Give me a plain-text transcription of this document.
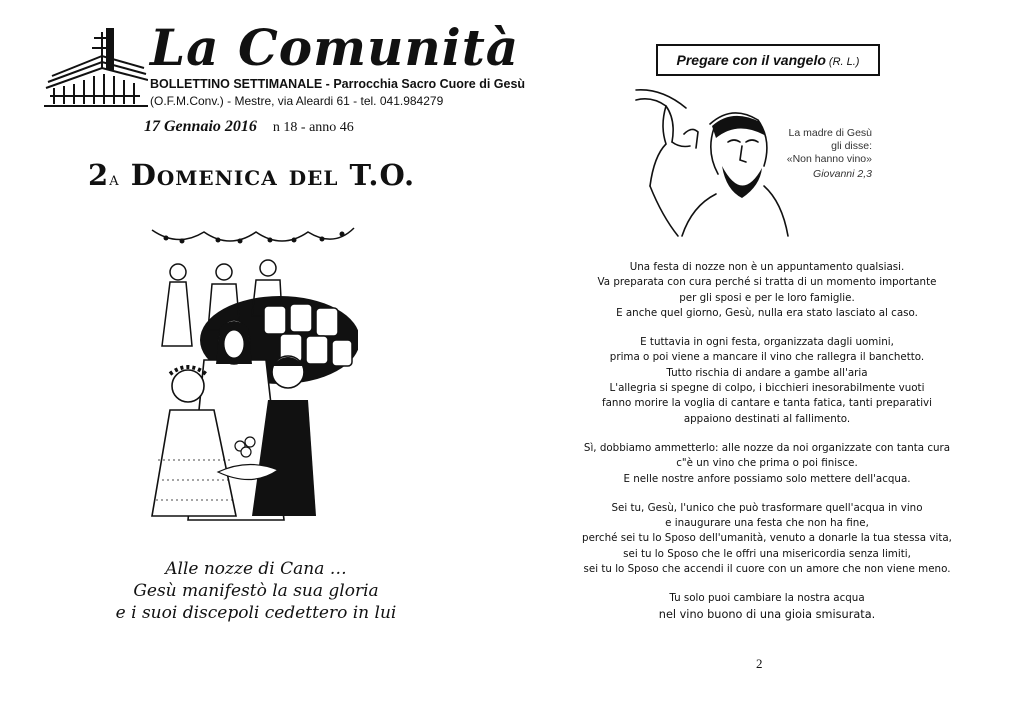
La Comunità
BOLLETTINO SETTIMANALE - Parrocchia Sacro Cuore di Gesù
(O.F.M.Conv.) - Mestre, via Aleardi 61 - tel. 041.984279
17 Gennaio 2016 n 18 - anno 46
2a Domenica del T.O.
Alle nozze di Cana …
Gesù manifestò la sua gloria
e i suoi discepoli cedettero in lui
Pregare con il vangelo (R. L.)
La madre di Gesù
gli disse:
«Non hanno vino»
Giovanni 2,3

Una festa di nozze non è un appuntamento qualsiasi.
Va preparata con cura perché si tratta di un momento importante
per gli sposi e per le loro famiglie.
E anche quel giorno, Gesù, nulla era stato lasciato al caso.

E tuttavia in ogni festa, organizzata dagli uomini,
prima o poi viene a mancare il vino che rallegra il banchetto.
Tutto rischia di andare a gambe all'aria
L'allegria si spegne di colpo, i bicchieri inesorabilmente vuoti
fanno morire la voglia di cantare e tanta fatica, tanti preparativi
appaiono destinati al fallimento.

Sì, dobbiamo ammetterlo: alle nozze da noi organizzate con tanta cura
c"è un vino che prima o poi finisce.
E nelle nostre anfore possiamo solo mettere dell'acqua.

Sei tu, Gesù, l'unico che può trasformare quell'acqua in vino
e inaugurare una festa che non ha fine,
perché sei tu lo Sposo dell'umanità, venuto a donarle la tua stessa vita,
sei tu lo Sposo che le offri una misericordia senza limiti,
sei tu lo Sposo che accendi il cuore con un amore che non viene meno.

Tu solo puoi cambiare la nostra acqua
nel vino buono di una gioia smisurata.

2
